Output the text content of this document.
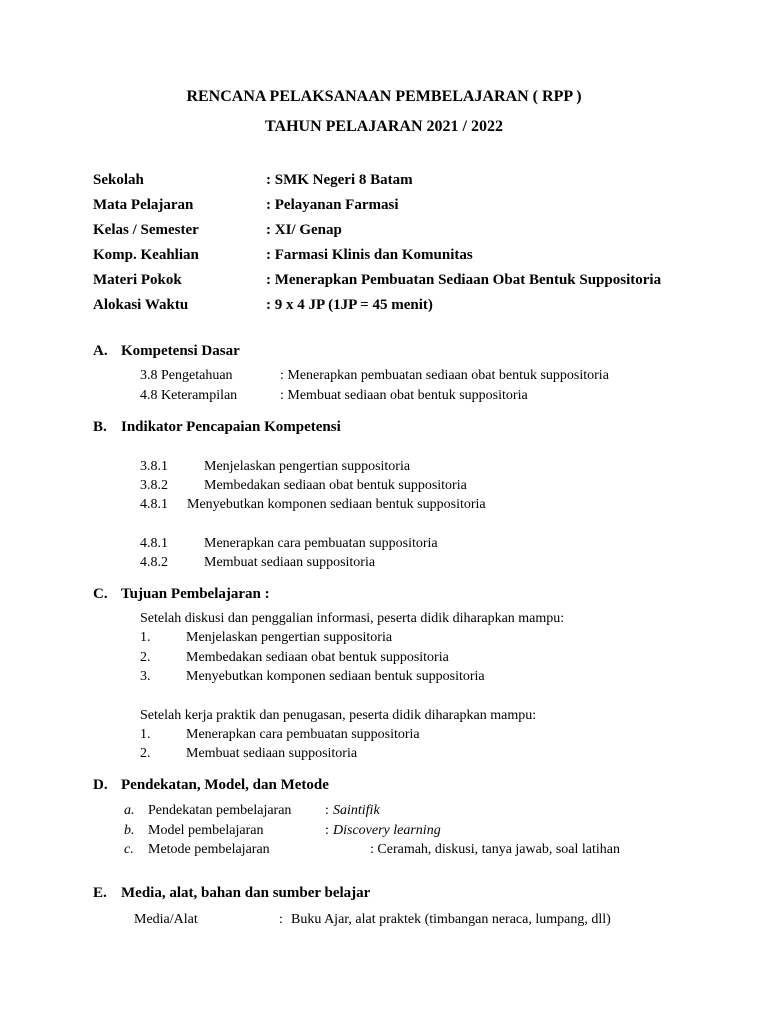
RENCANA PELAKSANAAN PEMBELAJARAN ( RPP )
TAHUN PELAJARAN 2021 / 2022
Sekolah	: SMK Negeri 8 Batam
Mata Pelajaran	: Pelayanan Farmasi
Kelas / Semester	: XI/ Genap
Komp. Keahlian	: Farmasi Klinis dan Komunitas
Materi Pokok	: Menerapkan Pembuatan Sediaan Obat Bentuk Suppositoria
Alokasi Waktu	: 9 x 4 JP (1JP = 45 menit)
A. Kompetensi Dasar
3.8 Pengetahuan	: Menerapkan pembuatan sediaan obat bentuk suppositoria
4.8 Keterampilan	: Membuat sediaan obat bentuk suppositoria
B. Indikator Pencapaian Kompetensi
3.8.1	Menjelaskan pengertian suppositoria
3.8.2	Membedakan sediaan obat bentuk suppositoria
4.8.1 Menyebutkan komponen sediaan bentuk suppositoria
4.8.1	Menerapkan cara pembuatan suppositoria
4.8.2	Membuat sediaan suppositoria
C. Tujuan Pembelajaran :
Setelah diskusi dan penggalian informasi, peserta didik diharapkan mampu:
1.	Menjelaskan pengertian suppositoria
2.	Membedakan sediaan obat bentuk suppositoria
3.	Menyebutkan komponen sediaan bentuk suppositoria
Setelah kerja praktik dan penugasan, peserta didik diharapkan mampu:
1.	Menerapkan cara pembuatan suppositoria
2.	Membuat sediaan suppositoria
D. Pendekatan, Model, dan Metode
a. Pendekatan pembelajaran : Saintifik
b. Model pembelajaran	: Discovery learning
c. Metode pembelajaran	: Ceramah, diskusi, tanya jawab, soal latihan
E. Media, alat, bahan dan sumber belajar
Media/Alat	: Buku Ajar, alat praktek (timbangan neraca, lumpang, dll)
